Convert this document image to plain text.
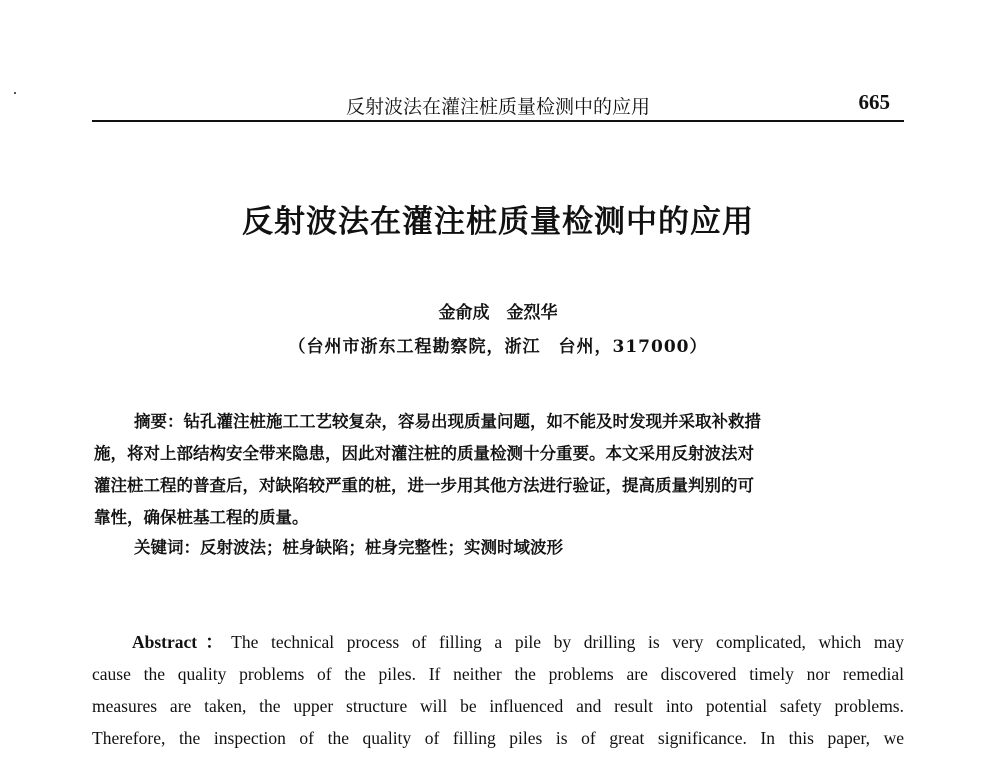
反射波法在灌注桩质量检测中的应用	665
反射波法在灌注桩质量检测中的应用
金俞成　金烈华
（台州市浙东工程勘察院，浙江　台州，317000）
摘要：钻孔灌注桩施工工艺较复杂，容易出现质量问题，如不能及时发现并采取补救措
施，将对上部结构安全带来隐患，因此对灌注桩的质量检测十分重要。本文采用反射波法对
灌注桩工程的普查后，对缺陷较严重的桩，进一步用其他方法进行验证，提高质量判别的可
靠性，确保桩基工程的质量。
关键词：反射波法；桩身缺陷；桩身完整性；实测时域波形
Abstract：The technical process of filling a pile by drilling is very complicated, which may
cause the quality problems of the piles. If neither the problems are discovered timely nor remedial
measures are taken, the upper structure will be influenced and result into potential safety problems.
Therefore, the inspection of the quality of filling piles is of great significance. In this paper, we
